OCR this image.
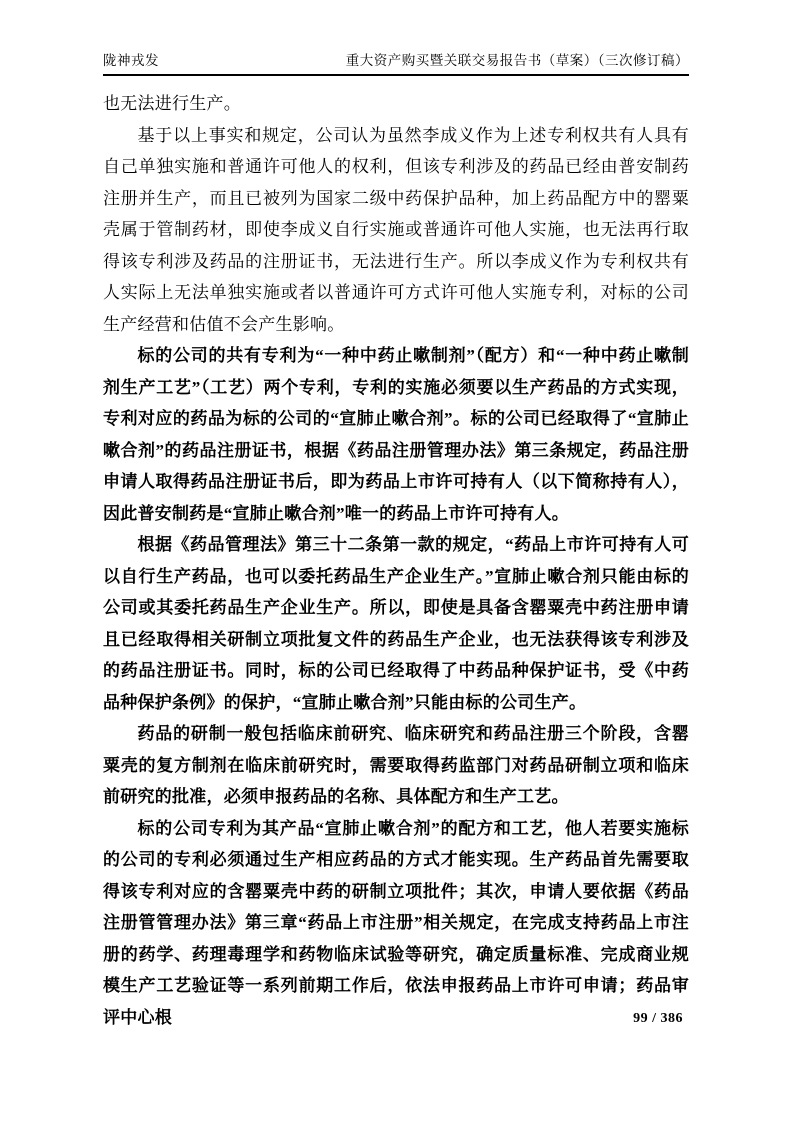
陇神戎发	重大资产购买暨关联交易报告书（草案）（三次修订稿）

也无法进行生产。

基于以上事实和规定，公司认为虽然李成义作为上述专利权共有人具有自己单独实施和普通许可他人的权利，但该专利涉及的药品已经由普安制药注册并生产，而且已被列为国家二级中药保护品种，加上药品配方中的罂粟壳属于管制药材，即使李成义自行实施或普通许可他人实施，也无法再行取得该专利涉及药品的注册证书，无法进行生产。所以李成义作为专利权共有人实际上无法单独实施或者以普通许可方式许可他人实施专利，对标的公司生产经营和估值不会产生影响。

标的公司的共有专利为“一种中药止嗽制剂”（配方）和“一种中药止嗽制剂生产工艺”（工艺）两个专利，专利的实施必须要以生产药品的方式实现，专利对应的药品为标的公司的“宣肺止嗽合剂”。标的公司已经取得了“宣肺止嗽合剂”的药品注册证书，根据《药品注册管理办法》第三条规定，药品注册申请人取得药品注册证书后，即为药品上市许可持有人（以下简称持有人），因此普安制药是“宣肺止嗽合剂”唯一的药品上市许可持有人。

根据《药品管理法》第三十二条第一款的规定，“药品上市许可持有人可以自行生产药品，也可以委托药品生产企业生产。”宣肺止嗽合剂只能由标的公司或其委托药品生产企业生产。所以，即使是具备含罂粟壳中药注册申请且已经取得相关研制立项批复文件的药品生产企业，也无法获得该专利涉及的药品注册证书。同时，标的公司已经取得了中药品种保护证书，受《中药品种保护条例》的保护，“宣肺止嗽合剂”只能由标的公司生产。

药品的研制一般包括临床前研究、临床研究和药品注册三个阶段，含罂粟壳的复方制剂在临床前研究时，需要取得药监部门对药品研制立项和临床前研究的批准，必须申报药品的名称、具体配方和生产工艺。

标的公司专利为其产品“宣肺止嗽合剂”的配方和工艺，他人若要实施标的公司的专利必须通过生产相应药品的方式才能实现。生产药品首先需要取得该专利对应的含罂粟壳中药的研制立项批件；其次，申请人要依据《药品注册管管理办法》第三章“药品上市注册”相关规定，在完成支持药品上市注册的药学、药理毒理学和药物临床试验等研究，确定质量标准、完成商业规模生产工艺验证等一系列前期工作后，依法申报药品上市许可申请；药品审评中心根	99 / 386
